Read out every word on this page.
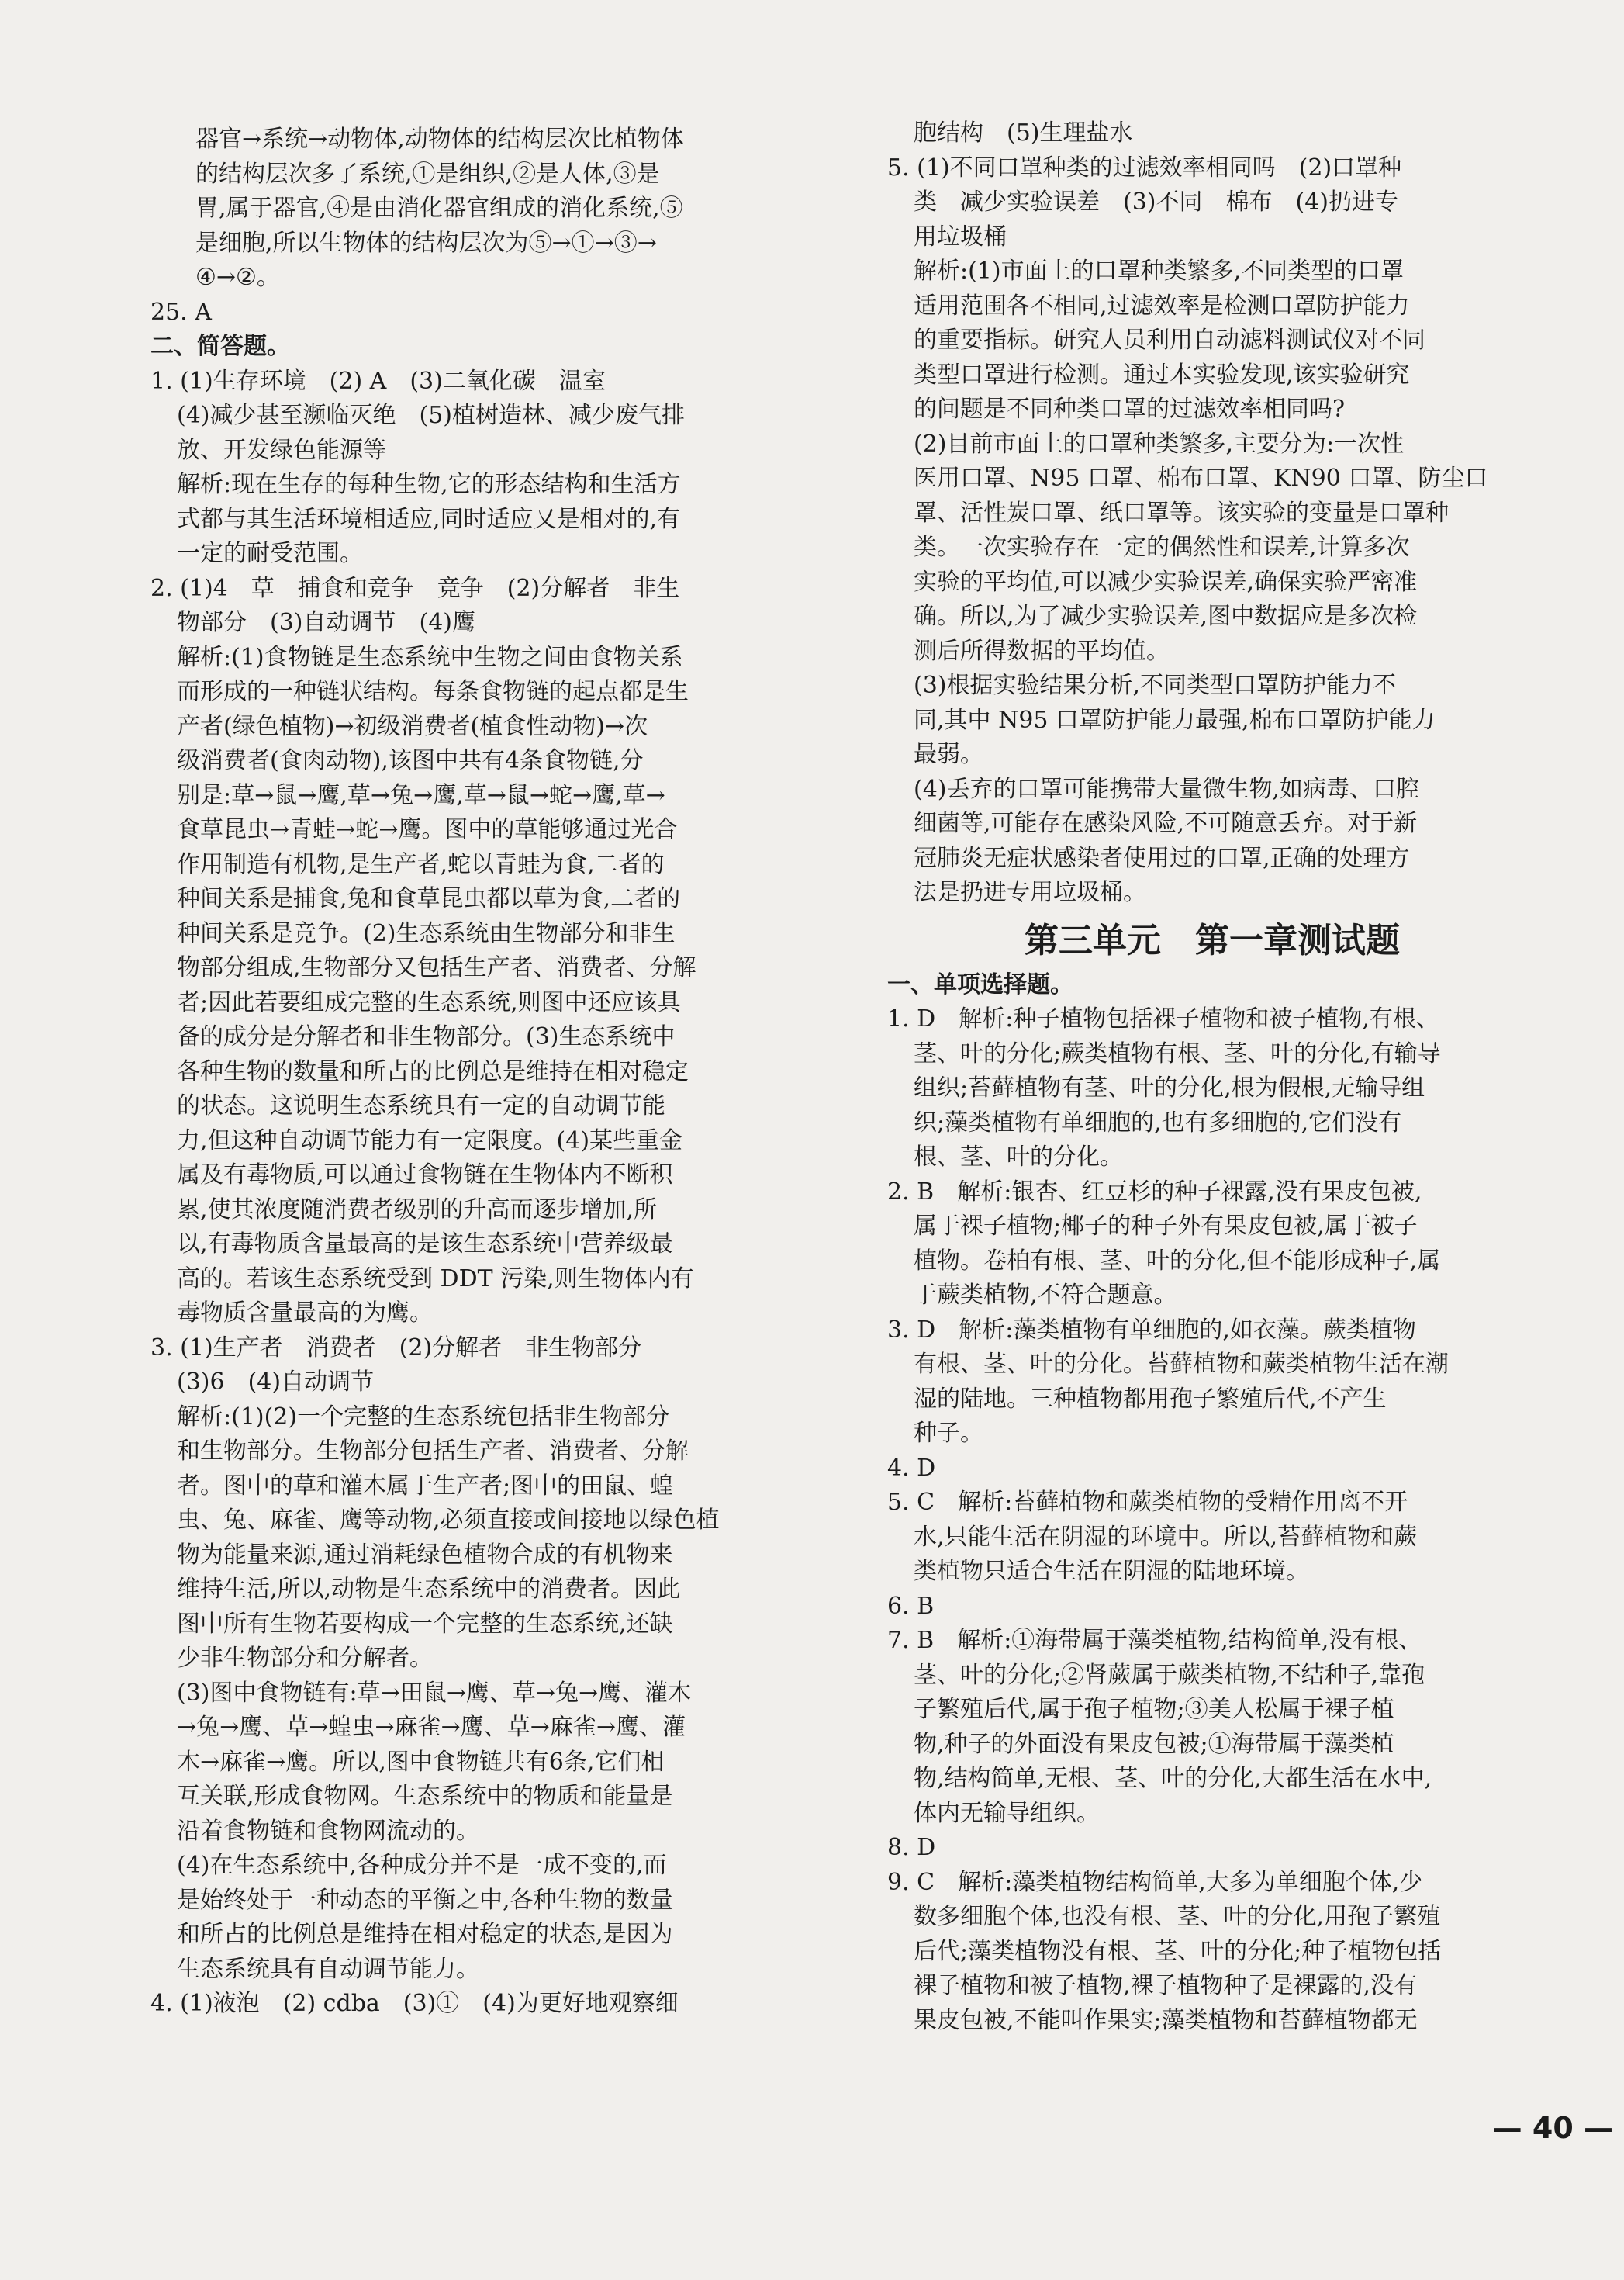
器官→系统→动物体,动物体的结构层次比植物体
的结构层次多了系统,①是组织,②是人体,③是
胃,属于器官,④是由消化器官组成的消化系统,⑤
是细胞,所以生物体的结构层次为⑤→①→③→
④→②。
25. A
二、简答题。
1. (1)生存环境　(2) A　(3)二氧化碳　温室
(4)减少甚至濒临灭绝　(5)植树造林、减少废气排
放、开发绿色能源等
解析:现在生存的每种生物,它的形态结构和生活方
式都与其生活环境相适应,同时适应又是相对的,有
一定的耐受范围。
2. (1)4　草　捕食和竞争　竞争　(2)分解者　非生
物部分　(3)自动调节　(4)鹰
解析:(1)食物链是生态系统中生物之间由食物关系
而形成的一种链状结构。每条食物链的起点都是生
产者(绿色植物)→初级消费者(植食性动物)→次
级消费者(食肉动物),该图中共有4条食物链,分
别是:草→鼠→鹰,草→兔→鹰,草→鼠→蛇→鹰,草→
食草昆虫→青蛙→蛇→鹰。图中的草能够通过光合
作用制造有机物,是生产者,蛇以青蛙为食,二者的
种间关系是捕食,兔和食草昆虫都以草为食,二者的
种间关系是竞争。(2)生态系统由生物部分和非生
物部分组成,生物部分又包括生产者、消费者、分解
者;因此若要组成完整的生态系统,则图中还应该具
备的成分是分解者和非生物部分。(3)生态系统中
各种生物的数量和所占的比例总是维持在相对稳定
的状态。这说明生态系统具有一定的自动调节能
力,但这种自动调节能力有一定限度。(4)某些重金
属及有毒物质,可以通过食物链在生物体内不断积
累,使其浓度随消费者级别的升高而逐步增加,所
以,有毒物质含量最高的是该生态系统中营养级最
高的。若该生态系统受到 DDT 污染,则生物体内有
毒物质含量最高的为鹰。
3. (1)生产者　消费者　(2)分解者　非生物部分
(3)6　(4)自动调节
解析:(1)(2)一个完整的生态系统包括非生物部分
和生物部分。生物部分包括生产者、消费者、分解
者。图中的草和灌木属于生产者;图中的田鼠、蝗
虫、兔、麻雀、鹰等动物,必须直接或间接地以绿色植
物为能量来源,通过消耗绿色植物合成的有机物来
维持生活,所以,动物是生态系统中的消费者。因此
图中所有生物若要构成一个完整的生态系统,还缺
少非生物部分和分解者。
(3)图中食物链有:草→田鼠→鹰、草→兔→鹰、灌木
→兔→鹰、草→蝗虫→麻雀→鹰、草→麻雀→鹰、灌
木→麻雀→鹰。所以,图中食物链共有6条,它们相
互关联,形成食物网。生态系统中的物质和能量是
沿着食物链和食物网流动的。
(4)在生态系统中,各种成分并不是一成不变的,而
是始终处于一种动态的平衡之中,各种生物的数量
和所占的比例总是维持在相对稳定的状态,是因为
生态系统具有自动调节能力。
4. (1)液泡　(2) cdba　(3)①　(4)为更好地观察细
胞结构　(5)生理盐水
5. (1)不同口罩种类的过滤效率相同吗　(2)口罩种
类　减少实验误差　(3)不同　棉布　(4)扔进专
用垃圾桶
解析:(1)市面上的口罩种类繁多,不同类型的口罩
适用范围各不相同,过滤效率是检测口罩防护能力
的重要指标。研究人员利用自动滤料测试仪对不同
类型口罩进行检测。通过本实验发现,该实验研究
的问题是不同种类口罩的过滤效率相同吗?
(2)目前市面上的口罩种类繁多,主要分为:一次性
医用口罩、N95 口罩、棉布口罩、KN90 口罩、防尘口
罩、活性炭口罩、纸口罩等。该实验的变量是口罩种
类。一次实验存在一定的偶然性和误差,计算多次
实验的平均值,可以减少实验误差,确保实验严密准
确。所以,为了减少实验误差,图中数据应是多次检
测后所得数据的平均值。
(3)根据实验结果分析,不同类型口罩防护能力不
同,其中 N95 口罩防护能力最强,棉布口罩防护能力
最弱。
(4)丢弃的口罩可能携带大量微生物,如病毒、口腔
细菌等,可能存在感染风险,不可随意丢弃。对于新
冠肺炎无症状感染者使用过的口罩,正确的处理方
法是扔进专用垃圾桶。
第三单元　第一章测试题
一、单项选择题。
1. D　解析:种子植物包括裸子植物和被子植物,有根、
茎、叶的分化;蕨类植物有根、茎、叶的分化,有输导
组织;苔藓植物有茎、叶的分化,根为假根,无输导组
织;藻类植物有单细胞的,也有多细胞的,它们没有
根、茎、叶的分化。
2. B　解析:银杏、红豆杉的种子裸露,没有果皮包被,
属于裸子植物;椰子的种子外有果皮包被,属于被子
植物。卷柏有根、茎、叶的分化,但不能形成种子,属
于蕨类植物,不符合题意。
3. D　解析:藻类植物有单细胞的,如衣藻。蕨类植物
有根、茎、叶的分化。苔藓植物和蕨类植物生活在潮
湿的陆地。三种植物都用孢子繁殖后代,不产生
种子。
4. D
5. C　解析:苔藓植物和蕨类植物的受精作用离不开
水,只能生活在阴湿的环境中。所以,苔藓植物和蕨
类植物只适合生活在阴湿的陆地环境。
6. B
7. B　解析:①海带属于藻类植物,结构简单,没有根、
茎、叶的分化;②肾蕨属于蕨类植物,不结种子,靠孢
子繁殖后代,属于孢子植物;③美人松属于裸子植
物,种子的外面没有果皮包被;①海带属于藻类植
物,结构简单,无根、茎、叶的分化,大都生活在水中,
体内无输导组织。
8. D
9. C　解析:藻类植物结构简单,大多为单细胞个体,少
数多细胞个体,也没有根、茎、叶的分化,用孢子繁殖
后代;藻类植物没有根、茎、叶的分化;种子植物包括
裸子植物和被子植物,裸子植物种子是裸露的,没有
果皮包被,不能叫作果实;藻类植物和苔藓植物都无
— 40 —
